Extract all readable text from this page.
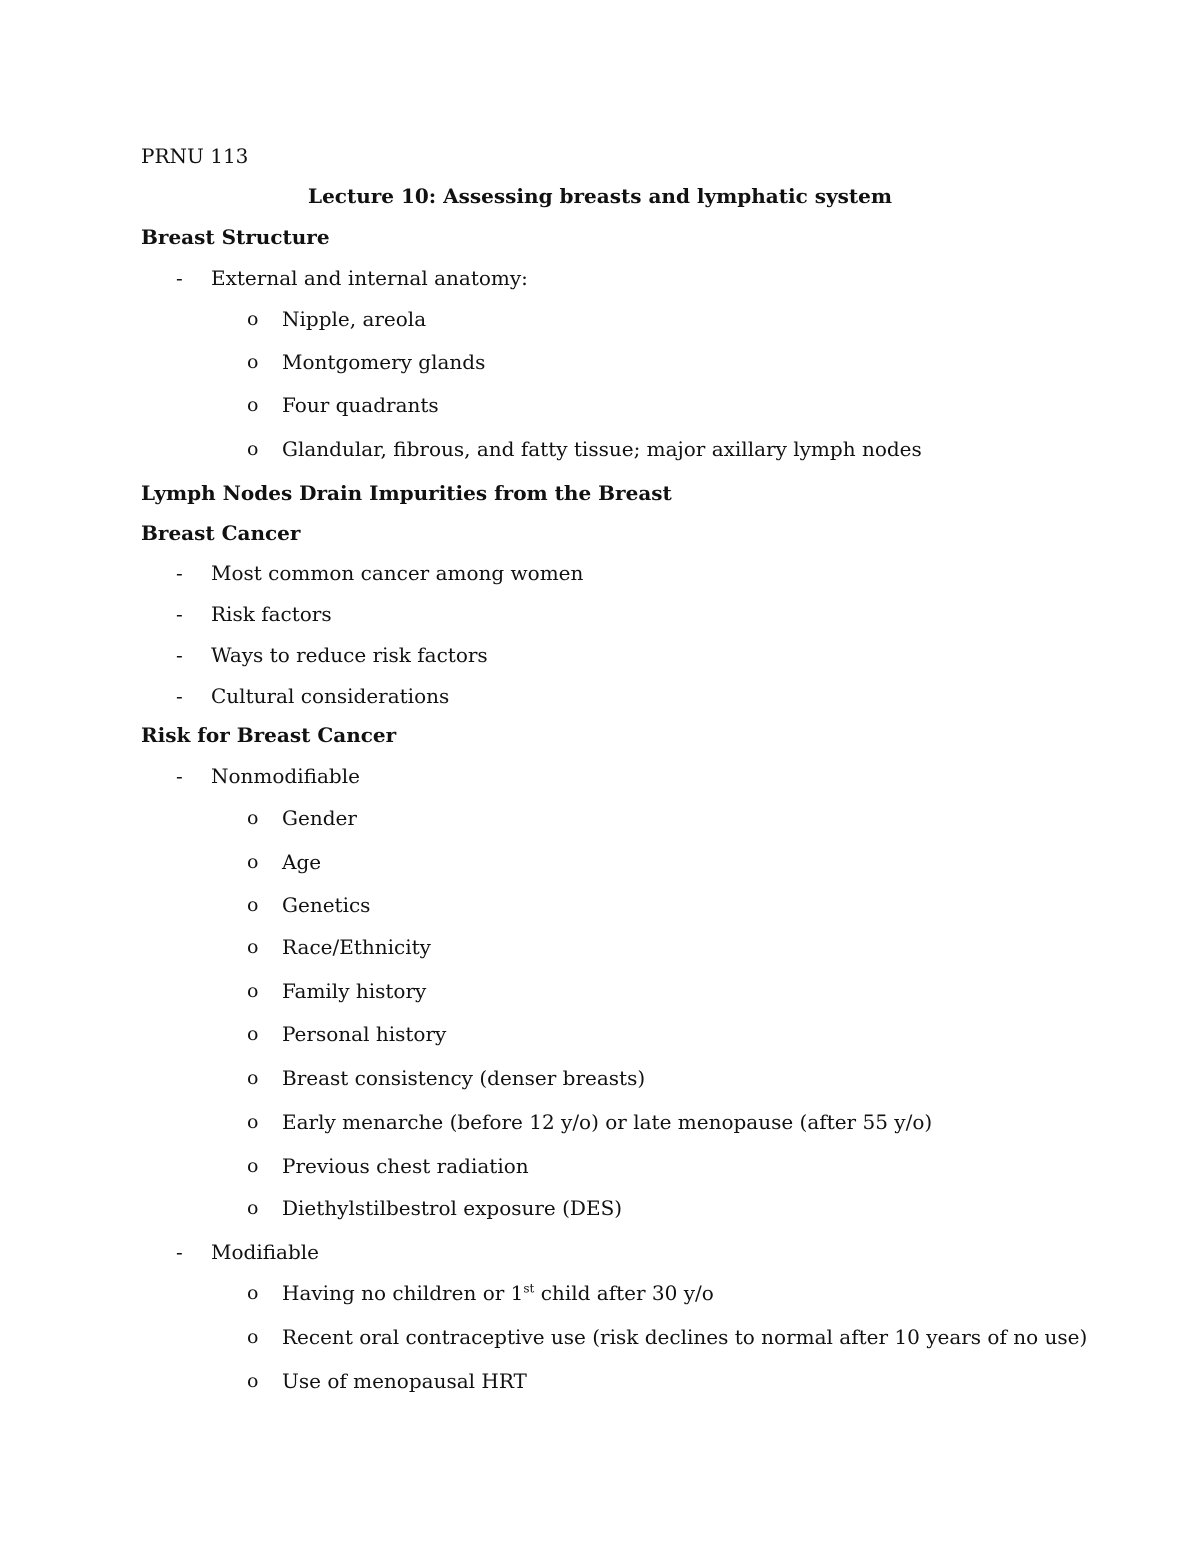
PRNU 113
Lecture 10: Assessing breasts and lymphatic system
Breast Structure
- External and internal anatomy:
o Nipple, areola
o Montgomery glands
o Four quadrants
o Glandular, fibrous, and fatty tissue; major axillary lymph nodes
Lymph Nodes Drain Impurities from the Breast
Breast Cancer
- Most common cancer among women
- Risk factors
- Ways to reduce risk factors
- Cultural considerations
Risk for Breast Cancer
- Nonmodifiable
o Gender
o Age
o Genetics
o Race/Ethnicity
o Family history
o Personal history
o Breast consistency (denser breasts)
o Early menarche (before 12 y/o) or late menopause (after 55 y/o)
o Previous chest radiation
o Diethylstilbestrol exposure (DES)
- Modifiable
o Having no children or 1st child after 30 y/o
o Recent oral contraceptive use (risk declines to normal after 10 years of no use)
o Use of menopausal HRT
